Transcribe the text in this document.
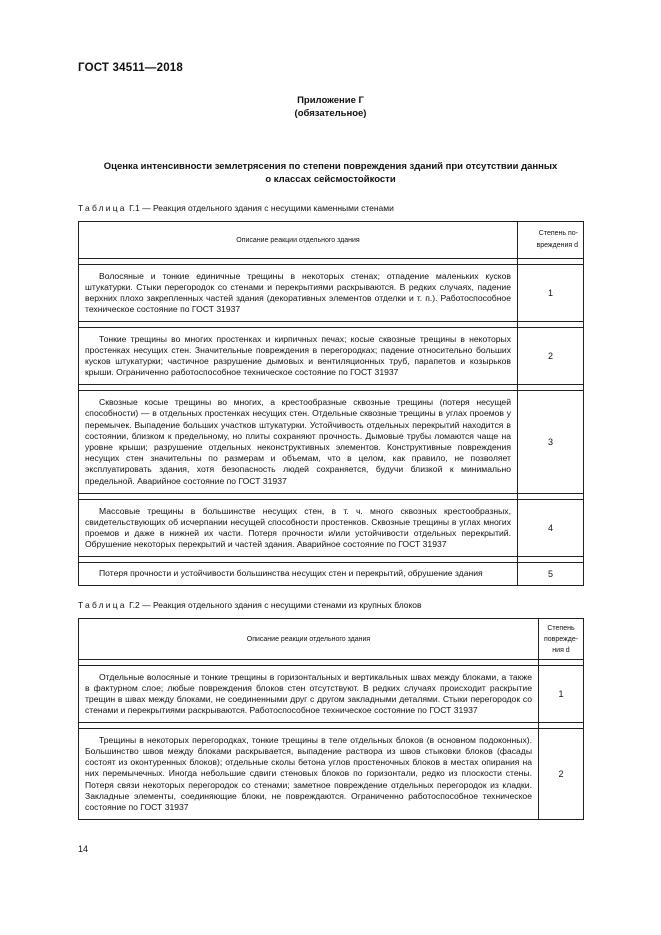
ГОСТ 34511—2018
Приложение Г
(обязательное)
Оценка интенсивности землетрясения по степени повреждения зданий при отсутствии данных
о классах сейсмостойкости
Таблица Г.1 — Реакция отдельного здания с несущими каменными стенами
Описание реакции отдельного здания	Степень по-
вреждения d

Волосяные и тонкие единичные трещины в некоторых стенах; отпадение маленьких кусков штукатурки. Стыки перегородок со стенами и перекрытиями раскрываются. В редких случаях, падение верхних плохо закрепленных частей здания (декоративных элементов отделки и т. п.). Работоспособное техническое состояние по ГОСТ 31937	1

Тонкие трещины во многих простенках и кирпичных печах; косые сквозные трещины в некоторых простенках несущих стен. Значительные повреждения в перегородках; падение относительно больших кусков штукатурки; частичное разрушение дымовых и вентиляционных труб, парапетов и козырьков крыши. Ограниченно работоспособное техническое состояние по ГОСТ 31937	2

Сквозные косые трещины во многих, а крестообразные сквозные трещины (потеря несущей способности) — в отдельных простенках несущих стен. Отдельные сквозные трещины в углах проемов у перемычек. Выпадение больших участков штукатурки. Устойчивость отдельных перекрытий находится в состоянии, близком к предельному, но плиты сохраняют прочность. Дымовые трубы ломаются чаще на уровне крыши; разрушение отдельных неконструктивных элементов. Конструктивные повреждения несущих стен значительны по размерам и объемам, что в целом, как правило, не позволяет эксплуатировать здания, хотя безопасность людей сохраняется, будучи близкой к минимально предельной. Аварийное состояние по ГОСТ 31937	3

Массовые трещины в большинстве несущих стен, в т. ч. много сквозных крестообразных, свидетельствующих об исчерпании несущей способности простенков. Сквозные трещины в углах многих проемов и даже в нижней их части. Потеря прочности и/или устойчивости отдельных перекрытий. Обрушение некоторых перекрытий и частей здания. Аварийное состояние по ГОСТ 31937	4

Потеря прочности и устойчивости большинства несущих стен и перекрытий, обрушение здания	5
Таблица Г.2 — Реакция отдельного здания с несущими стенами из крупных блоков
Описание реакции отдельного здания	Степень
поврежде-
ния d

Отдельные волосяные и тонкие трещины в горизонтальных и вертикальных швах между блоками, а также в фактурном слое; любые повреждения блоков стен отсутствуют. В редких случаях происходит раскрытие трещин в швах между блоками, не соединенными друг с другом закладными деталями. Стыки перегородок со стенами и перекрытиями раскрываются. Работоспособное техническое состояние по ГОСТ 31937	1

Трещины в некоторых перегородках, тонкие трещины в теле отдельных блоков (в основном подоконных). Большинство швов между блоками раскрывается, выпадение раствора из швов стыковки блоков (фасады состоят из оконтуренных блоков); отдельные сколы бетона углов простеночных блоков в местах опирания на них перемычечных. Иногда небольшие сдвиги стеновых блоков по горизонтали, редко из плоскости стены. Потеря связи некоторых перегородок со стенами; заметное повреждение отдельных перегородок из кладки. Закладные элементы, соединяющие блоки, не повреждаются. Ограниченно работоспособное техническое состояние по ГОСТ 31937	2
14
